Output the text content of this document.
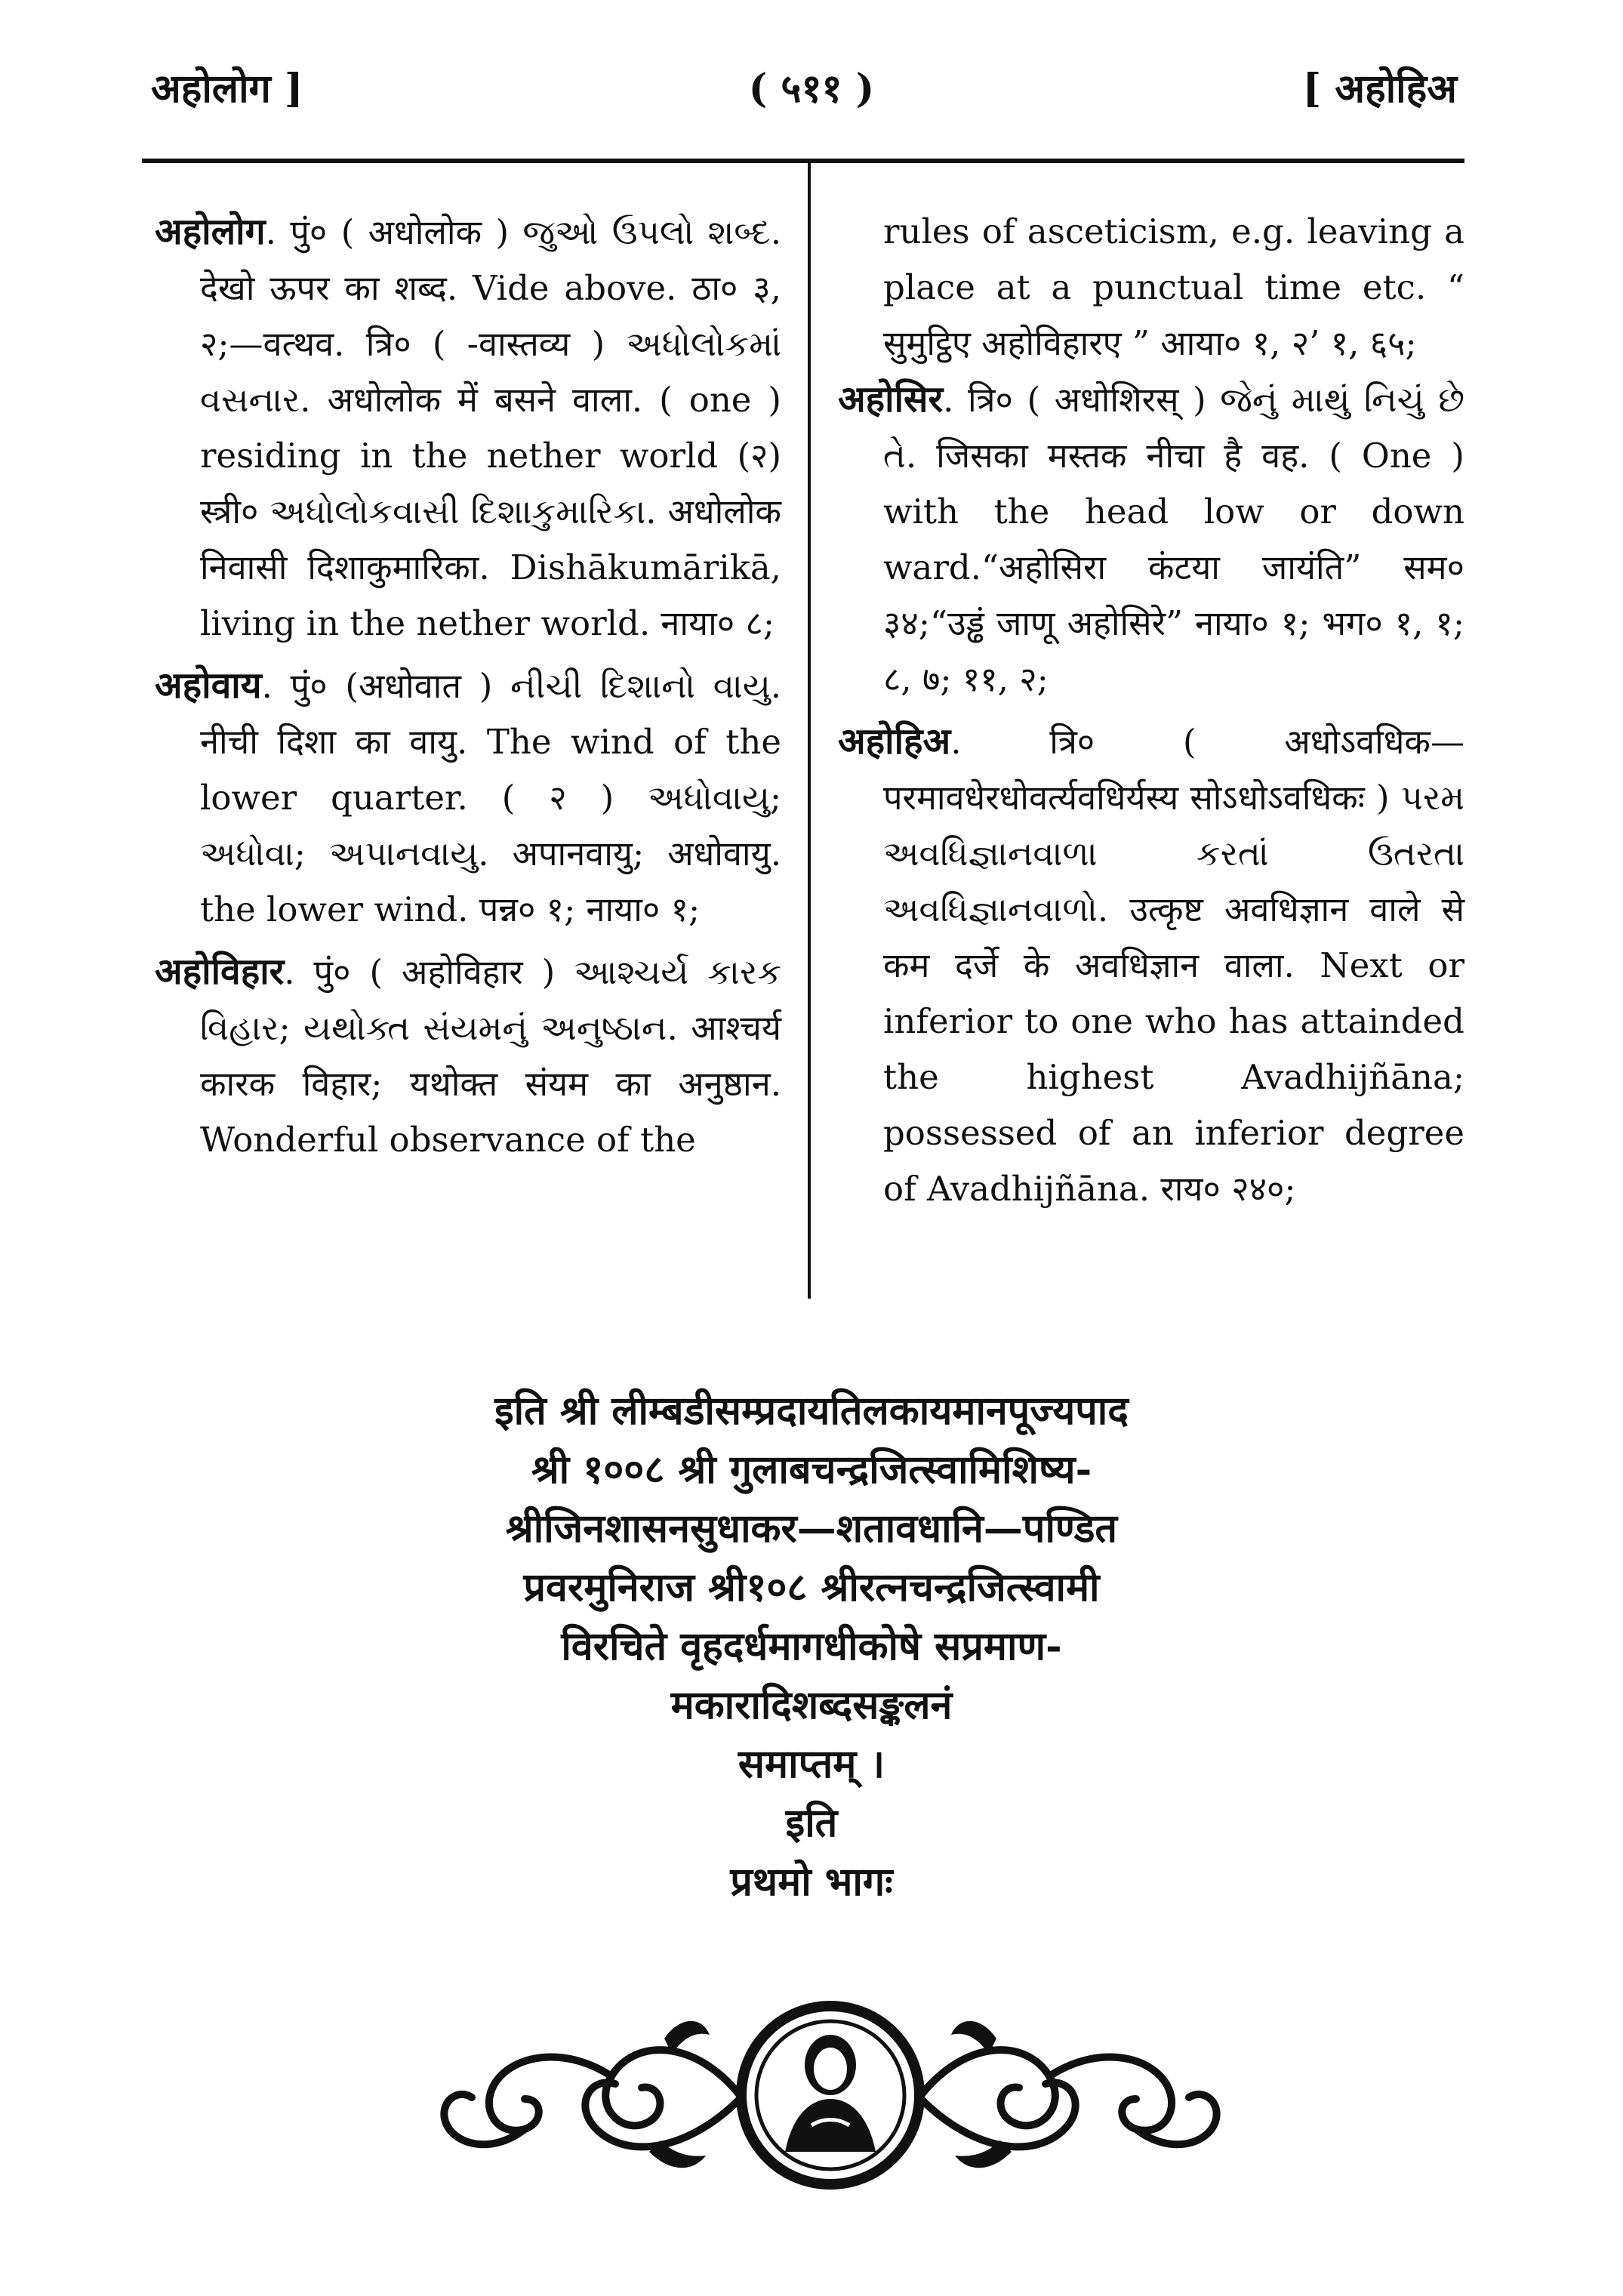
अहोलोग ]	( ५११ )	[ अहोहिअ

अहोलोग. पुं० ( अधोलोक ) જુઓ ઉપલો શબ્દ. देखो ऊपर का शब्द. Vide above. ठा० ३, २;—वत्थव. त्रि० ( -वास्तव्य ) અધોલોકમાં વસનાર. अधोलोक में बसने वाला. ( one ) residing in the nether world (२) स्त्री० અધોલોકવાસી દિશાકુમારિકા. अधोलोक निवासी दिशाकुमारिका. Dishākumārikā, living in the nether world. नाया० ८;

अहोवाय. पुं० (अधोवात ) નીચી દિશાનો વાયુ. नीची दिशा का वायु. The wind of the lower quarter. ( २ ) અધોવાયુ; અધોવા; અપાનવાયુ. अपानवायु; अधोवायु. the lower wind. पन्न० १; नाया० १;

अहोविहार. पुं० ( अहोविहार ) આશ્ચર્ય કારક વિહાર; યથોક્ત સંયમનું અનુષ્ઠાન. आश्चर्य कारक विहार; यथोक्त संयम का अनुष्ठान. Wonderful observance of the

rules of asceticism, e.g. leaving a place at a punctual time etc. “ सुमुट्ठिए अहोविहारए ” आया० १, २’ १, ६५;

अहोसिर. त्रि० ( अधोशिरस् ) જેનું માથું નિચું છે તે. जिसका मस्तक नीचा है वह. ( One ) with the head low or down ward.“अहोसिरा कंटया जायंति” सम० ३४;“उड्ढं जाणू अहोसिरे” नाया० १; भग० १, १; ८, ७; ११, २;

अहोहिअ. त्रि० ( अधोऽवधिक—परमावधेरधोवर्त्यवधिर्यस्य सोऽधोऽवधिकः ) પરમ અવધિજ્ઞાનવાળા કરતાં ઉતરતા અવધિજ્ઞાનવાળો. उत्कृष्ट अवधिज्ञान वाले से कम दर्जे के अवधिज्ञान वाला. Next or inferior to one who has attainded the highest Avadhijñāna; possessed of an inferior degree of Avadhijñāna. राय० २४०;

इति श्री लीम्बडीसम्प्रदायतिलकायमानपूज्यपाद

श्री १००८ श्री गुलाबचन्द्रजित्स्वामिशिष्य-

श्रीजिनशासनसुधाकर—शतावधानि—पण्डित

प्रवरमुनिराज श्री१०८ श्रीरत्नचन्द्रजित्स्वामी

विरचिते वृहदर्धमागधीकोषे सप्रमाण-

मकारादिशब्दसङ्कलनं

समाप्तम् ।

इति

प्रथमो भागः
